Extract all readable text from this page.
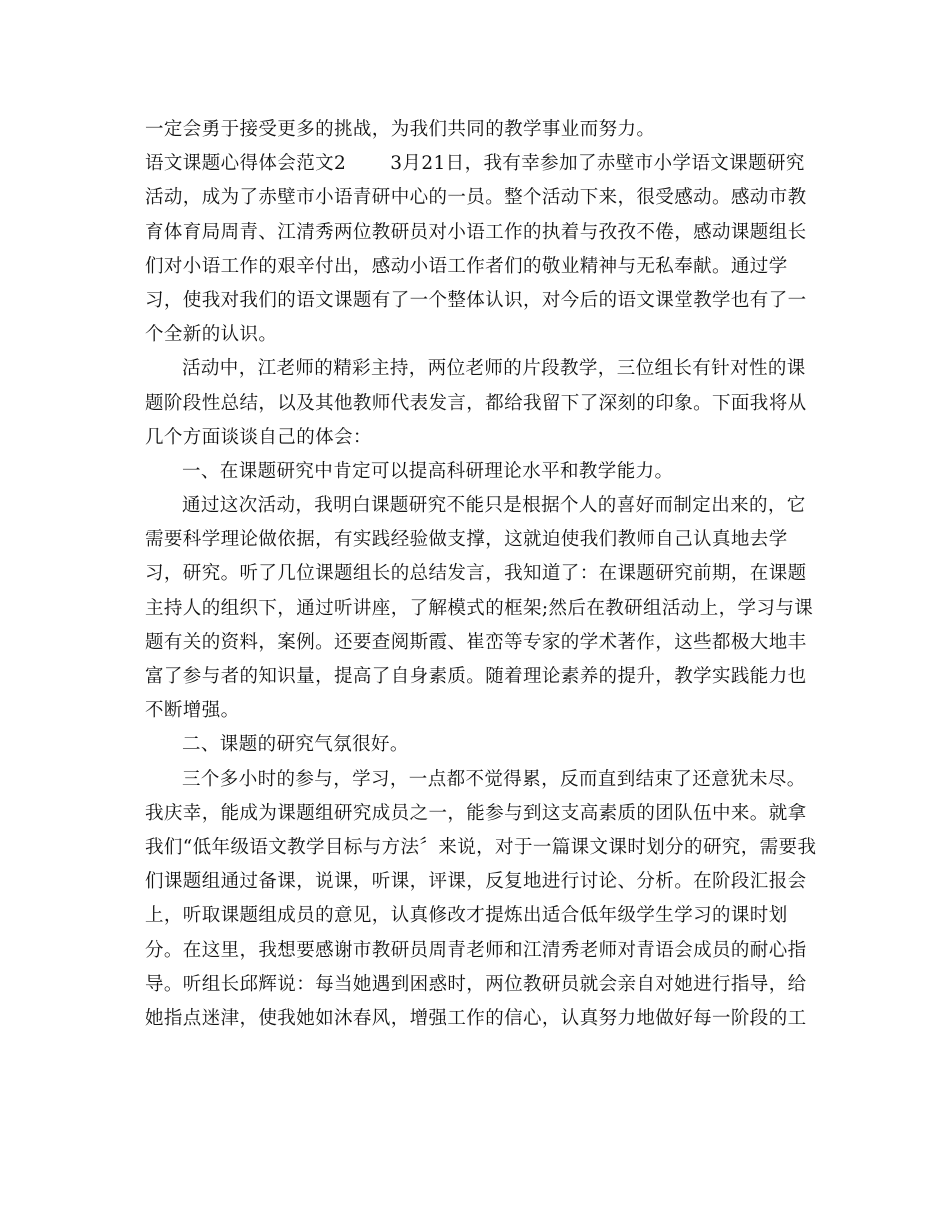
一定会勇于接受更多的挑战，为我们共同的教学事业而努力。
语文课题心得体会范文2　　 3月21日，我有幸参加了赤壁市小学语文课题研究
活动，成为了赤壁市小语青研中心的一员。整个活动下来，很受感动。感动市教
育体育局周青、江清秀两位教研员对小语工作的执着与孜孜不倦，感动课题组长
们对小语工作的艰辛付出，感动小语工作者们的敬业精神与无私奉献。通过学
习，使我对我们的语文课题有了一个整体认识，对今后的语文课堂教学也有了一
个全新的认识。
活动中，江老师的精彩主持，两位老师的片段教学，三位组长有针对性的课
题阶段性总结，以及其他教师代表发言，都给我留下了深刻的印象。下面我将从
几个方面谈谈自己的体会：
一、在课题研究中肯定可以提高科研理论水平和教学能力。
通过这次活动，我明白课题研究不能只是根据个人的喜好而制定出来的，它
需要科学理论做依据，有实践经验做支撑，这就迫使我们教师自己认真地去学
习，研究。听了几位课题组长的总结发言，我知道了：在课题研究前期，在课题
主持人的组织下，通过听讲座，了解模式的框架;然后在教研组活动上，学习与课
题有关的资料，案例。还要查阅斯霞、崔峦等专家的学术著作，这些都极大地丰
富了参与者的知识量，提高了自身素质。随着理论素养的提升，教学实践能力也
不断增强。
二、课题的研究气氛很好。
三个多小时的参与，学习，一点都不觉得累，反而直到结束了还意犹未尽。
我庆幸，能成为课题组研究成员之一，能参与到这支高素质的团队伍中来。就拿
我们“低年级语文教学目标与方法〞来说，对于一篇课文课时划分的研究，需要我
们课题组通过备课，说课，听课，评课，反复地进行讨论、分析。在阶段汇报会
上，听取课题组成员的意见，认真修改才提炼出适合低年级学生学习的课时划
分。在这里，我想要感谢市教研员周青老师和江清秀老师对青语会成员的耐心指
导。听组长邱辉说：每当她遇到困惑时，两位教研员就会亲自对她进行指导，给
她指点迷津，使我她如沐春风，增强工作的信心，认真努力地做好每一阶段的工
